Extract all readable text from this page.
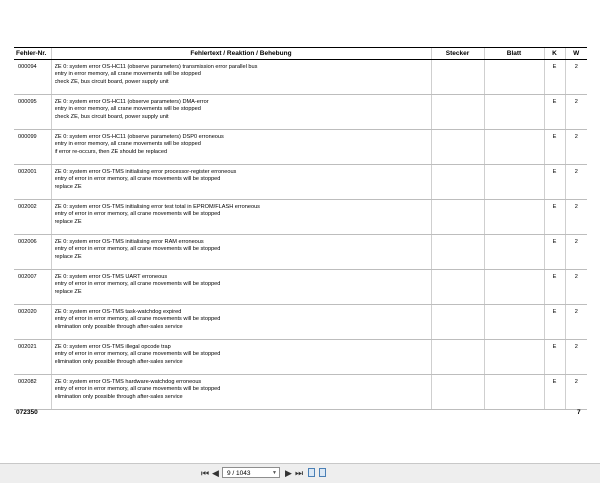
Fehler-Nr.	Fehlertext / Reaktion / Behebung	Stecker	Blatt	K	W
000094	ZE 0: system error OS-HC11 (observe parameters) transmission error parallel bus
entry in error memory, all crane movements will be stopped
check ZE, bus circuit board, power supply unit			E	2
000095	ZE 0: system error OS-HC11 (observe parameters) DMA-error
entry in error memory, all crane movements will be stopped
check ZE, bus circuit board, power supply unit			E	2
000099	ZE 0: system error OS-HC11 (observe parameters) DSP0 erroneous
entry in error memory, all crane movements will be stopped
if error re-occurs, then ZE should be replaced			E	2
002001	ZE 0: system error OS-TMS initialising error processor-register erroneous
entry of error in error memory, all crane movements will be stopped
replace ZE			E	2
002002	ZE 0: system error OS-TMS initialising error test total in EPROM/FLASH erroneous
entry of error in error memory, all crane movements will be stopped
replace ZE			E	2
002006	ZE 0: system error OS-TMS initialising error RAM erroneous
entry of error in error memory, all crane movements will be stopped
replace ZE			E	2
002007	ZE 0: system error OS-TMS UART erroneous
entry of error in error memory, all crane movements will be stopped
replace ZE			E	2
002020	ZE 0: system error OS-TMS task-watchdog expired
entry of error in error memory, all crane movements will be stopped
elimination only possible through after-sales service			E	2
002021	ZE 0: system error OS-TMS illegal opcode trap
entry of error in error memory, all crane movements will be stopped
elimination only possible through after-sales service			E	2
002082	ZE 0: system error OS-TMS hardware-watchdog erroneous
entry of error in error memory, all crane movements will be stopped
elimination only possible through after-sales service			E	2
072350	7
⏮ ◀	9 / 1043	▼ ▶ ⏭
